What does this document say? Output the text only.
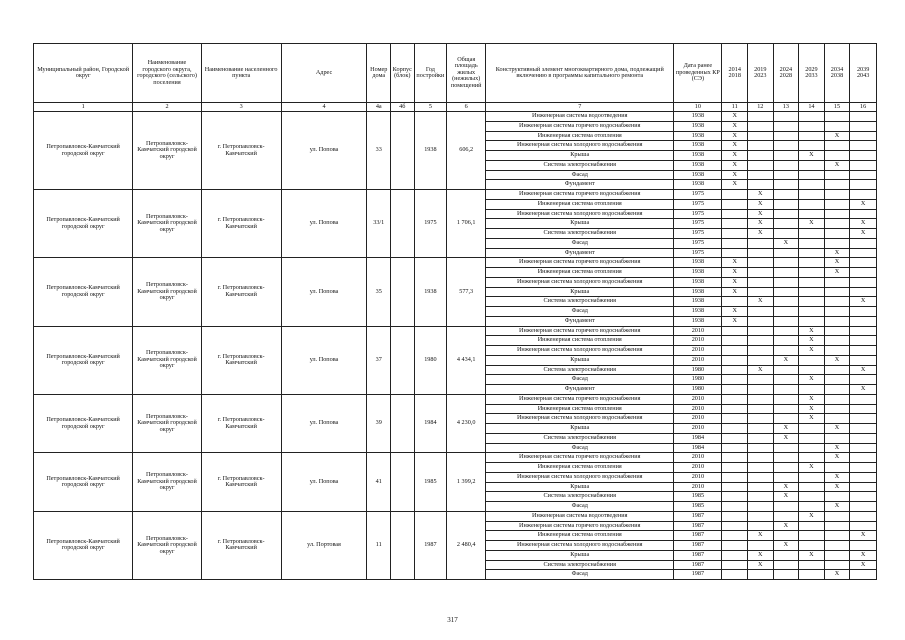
Муниципальный район, Городской округ	Наименование городского округа, городского (сельского) поселения	Наименование населенного пункта	Адрес	Номер дома	Корпус (блок)	Год постройки	Общая площадь жилых (нежилых) помещений	Конструктивный элемент многоквартирного дома, подлежащий включению в программы капитального ремонта	Дата ранее проведенных КР (СЭ)	2014 2018	2019 2023	2024 2028	2029 2033	2034 2038	2039 2043
1	2	3	4	4а	4б	5	6	7	10	11	12	13	14	15	16
Петропавловск-Камчатский городской округ	Петропавловск-Камчатский городской округ	г. Петропавловск-Камчатский	ул. Попова	33		1938	606,2	Инженерная система водоотведения	1938	X					
								Инженерная система горячего водоснабжения	1938	X					
								Инженерная система отопления	1938	X				X	
								Инженерная система холодного водоснабжения	1938	X					
								Крыша	1938	X			X		
								Система электроснабжения	1938	X				X	
								Фасад	1938	X					
								Фундамент	1938	X					
Петропавловск-Камчатский городской округ	Петропавловск-Камчатский городской округ	г. Петропавловск-Камчатский	ул. Попова	33/1		1975	1 706,1	Инженерная система горячего водоснабжения	1975		X				
								Инженерная система отопления	1975		X				X
								Инженерная система холодного водоснабжения	1975		X				
								Крыша	1975		X		X		X
								Система электроснабжения	1975		X				X
								Фасад	1975			X			
								Фундамент	1975					X	
Петропавловск-Камчатский городской округ	Петропавловск-Камчатский городской округ	г. Петропавловск-Камчатский	ул. Попова	35		1938	577,3	Инженерная система горячего водоснабжения	1938	X				X	
								Инженерная система отопления	1938	X				X	
								Инженерная система холодного водоснабжения	1938	X					
								Крыша	1938	X					
								Система электроснабжения	1938		X				X
								Фасад	1938	X					
								Фундамент	1938	X					
Петропавловск-Камчатский городской округ	Петропавловск-Камчатский городской округ	г. Петропавловск-Камчатский	ул. Попова	37		1980	4 434,1	Инженерная система горячего водоснабжения	2010				X		
								Инженерная система отопления	2010				X		
								Инженерная система холодного водоснабжения	2010				X		
								Крыша	2010			X		X	
								Система электроснабжения	1980		X				X
								Фасад	1980				X		
								Фундамент	1980						X
Петропавловск-Камчатский городской округ	Петропавловск-Камчатский городской округ	г. Петропавловск-Камчатский	ул. Попова	39		1984	4 230,0	Инженерная система горячего водоснабжения	2010				X		
								Инженерная система отопления	2010				X		
								Инженерная система холодного водоснабжения	2010				X		
								Крыша	2010			X		X	
								Система электроснабжения	1984			X			
								Фасад	1984					X	
Петропавловск-Камчатский городской округ	Петропавловск-Камчатский городской округ	г. Петропавловск-Камчатский	ул. Попова	41		1985	1 399,2	Инженерная система горячего водоснабжения	2010					X	
								Инженерная система отопления	2010				X		
								Инженерная система холодного водоснабжения	2010					X	
								Крыша	2010			X		X	
								Система электроснабжения	1985			X			
								Фасад	1985					X	
Петропавловск-Камчатский городской округ	Петропавловск-Камчатский городской округ	г. Петропавловск-Камчатский	ул. Портовая	11		1987	2 480,4	Инженерная система водоотведения	1987				X		
								Инженерная система горячего водоснабжения	1987			X			
								Инженерная система отопления	1987		X				X
								Инженерная система холодного водоснабжения	1987			X			
								Крыша	1987		X		X		X
								Система электроснабжения	1987		X				X
								Фасад	1987					X	
317
